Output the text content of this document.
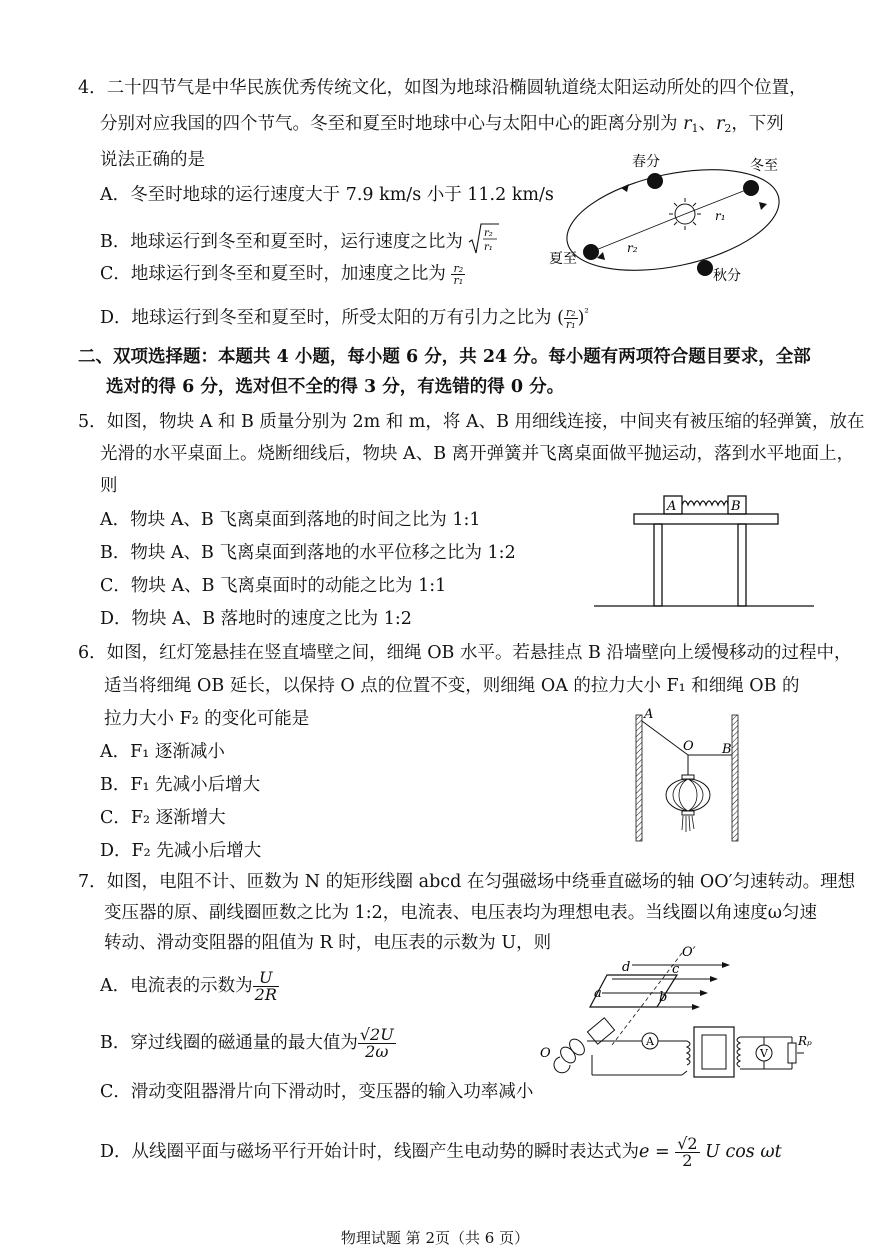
4．二十四节气是中华民族优秀传统文化，如图为地球沿椭圆轨道绕太阳运动所处的四个位置，
分别对应我国的四个节气。冬至和夏至时地球中心与太阳中心的距离分别为 $r_1$、$r_2$，下列
说法正确的是
A．冬至时地球的运行速度大于 7.9 km/s 小于 11.2 km/s
B．地球运行到冬至和夏至时，运行速度之比为 r₂
r₁
C．地球运行到冬至和夏至时，加速度之比为 $\frac{\text{r₂}}{\text{r₁}}$
D．地球运行到冬至和夏至时，所受太阳的万有引力之比为 ( $\frac{\text{r₂}}{\text{r₁}} )^{^2}$
春分	冬至
夏至
秋分
r₁
r₂
二、双项选择题：本题共 4 小题，每小题 6 分，共 24 分。每小题有两项符合题目要求，全部
选对的得 6 分，选对但不全的得 3 分，有选错的得 0 分。
5．如图，物块 A 和 B 质量分别为 2m 和 m，将 A、B 用细线连接，中间夹有被压缩的轻弹簧，放在
光滑的水平桌面上。烧断细线后，物块 A、B 离开弹簧并飞离桌面做平抛运动，落到水平地面上，
则
A．物块 A、B 飞离桌面到落地的时间之比为 1:1
B．物块 A、B 飞离桌面到落地的水平位移之比为 1:2
C．物块 A、B 飞离桌面时的动能之比为 1:1
D．物块 A、B 落地时的速度之比为 1:2
A	B
6．如图，红灯笼悬挂在竖直墙壁之间，细绳 OB 水平。若悬挂点 B 沿墙壁向上缓慢移动的过程中，
适当将细绳 OB 延长，以保持 O 点的位置不变，则细绳 OA 的拉力大小 F₁ 和细绳 OB 的
拉力大小 F₂ 的变化可能是
A．F₁ 逐渐减小
B．F₁ 先减小后增大
C．F₂ 逐渐增大
D．F₂ 先减小后增大
A
O B
7．如图，电阻不计、匝数为 N 的矩形线圈 abcd 在匀强磁场中绕垂直磁场的轴 OO′匀速转动。理想
变压器的原、副线圈匝数之比为 1:2，电流表、电压表均为理想电表。当线圈以角速度ω匀速
转动、滑动变阻器的阻值为 R 时，电压表的示数为 U，则
A．电流表的示数为 $\frac{U}{2R}$
B．穿过线圈的磁通量的最大值为 $\frac{√2U}{2\omega}$
C．滑动变阻器滑片向下滑动时，变压器的输入功率减小
D．从线圈平面与磁场平行开始计时，线圈产生电动势的瞬时表达式为$e = \frac{√2}{2}$ U cos ωt
A
V
Rₚ
O′
O
a	b
c
d
物理试题 第 2页（共 6 页）
